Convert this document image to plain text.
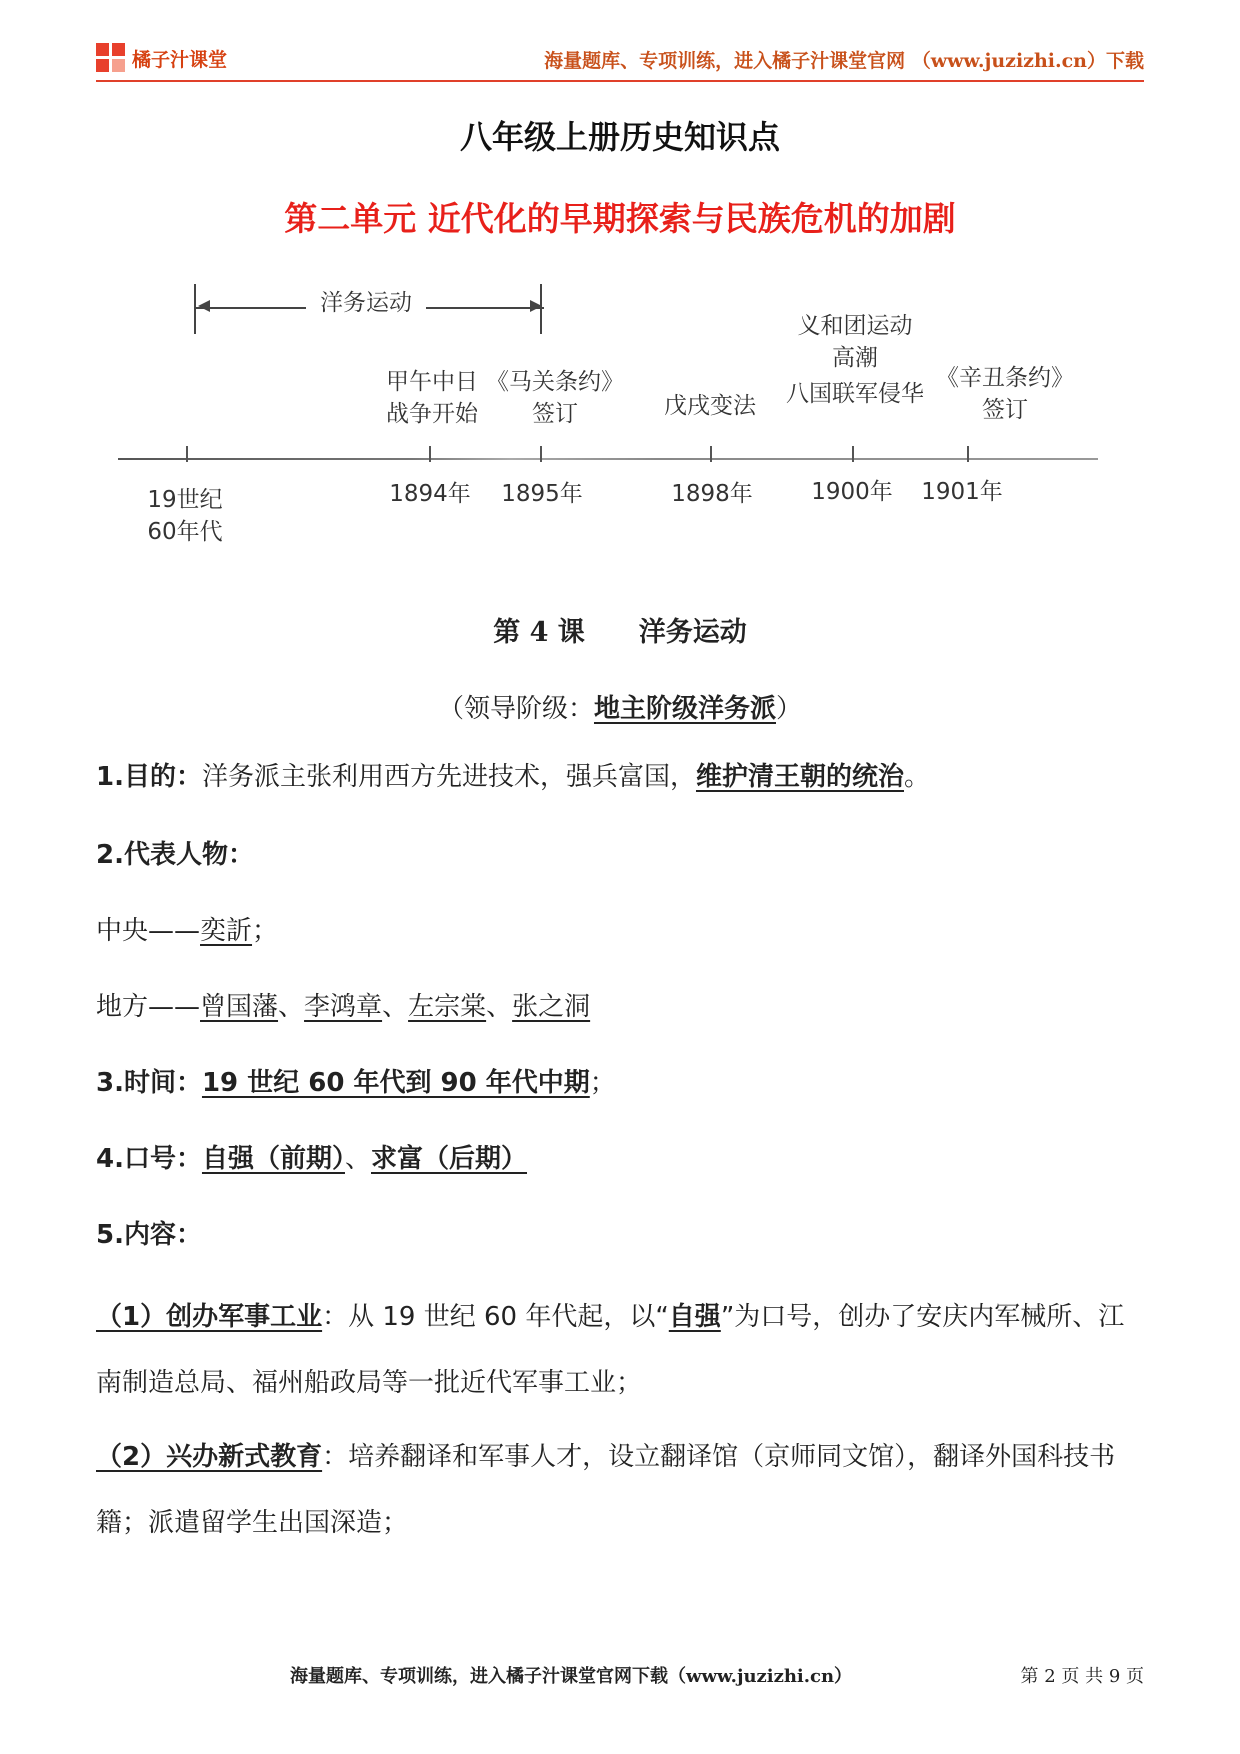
橘子汁课堂	海量题库、专项训练，进入橘子汁课堂官网 （www.juzizhi.cn）下载
八年级上册历史知识点
第二单元 近代化的早期探索与民族危机的加剧
洋务运动
甲午中日
战争开始
《马关条约》
签订	戊戌变法
义和团运动
高潮
八国联军侵华
《辛丑条约》
签订
19世纪
60年代
1894年	1895年	1898年	1900年	1901年
第 4 课　　洋务运动
（领导阶级：地主阶级洋务派）
1.目的：洋务派主张利用西方先进技术，强兵富国，维护清王朝的统治。
2.代表人物：
中央——奕訢；
地方——曾国藩、李鸿章、左宗棠、张之洞
3.时间：19 世纪 60 年代到 90 年代中期；
4.口号：自强（前期）、求富（后期）
5.内容：
（1）创办军事工业：从 19 世纪 60 年代起，以“自强”为口号，创办了安庆内军械所、江南制造总局、福州船政局等一批近代军事工业；
（2）兴办新式教育：培养翻译和军事人才，设立翻译馆（京师同文馆），翻译外国科技书籍；派遣留学生出国深造；
海量题库、专项训练，进入橘子汁课堂官网下载（www.juzizhi.cn）	第 2 页 共 9 页
